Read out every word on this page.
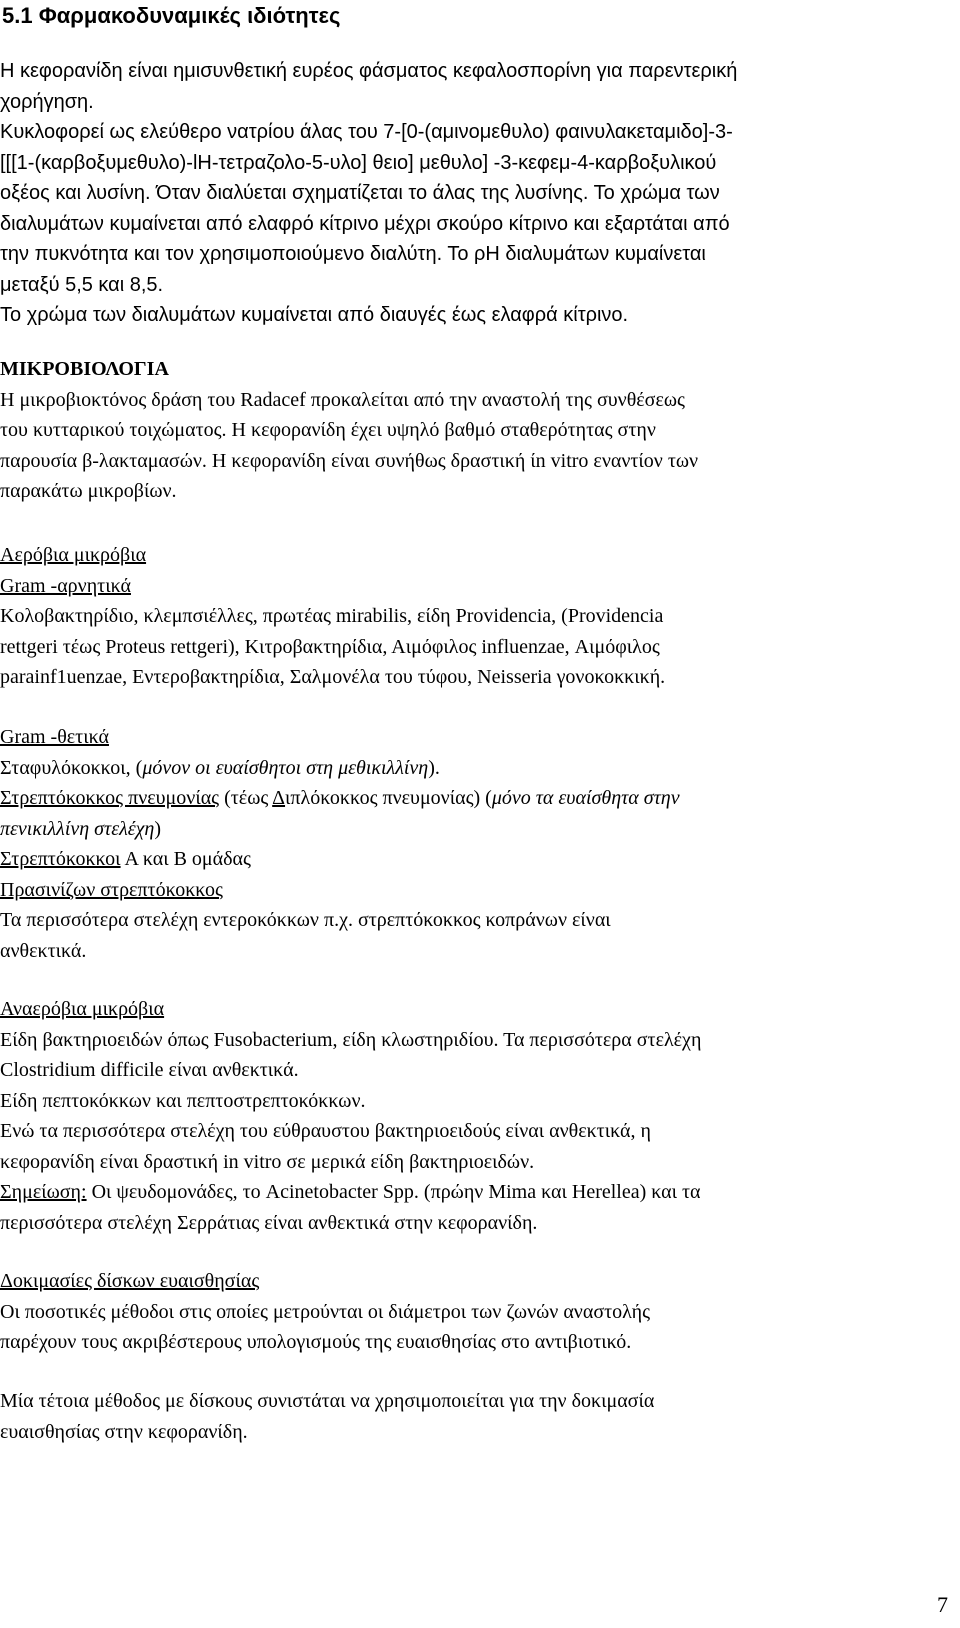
5.1 Φαρμακοδυναμικές ιδιότητες
Η κεφορανίδη είναι ημισυνθετική ευρέος φάσματος κεφαλοσπορίνη για παρεντερική
χορήγηση.
Κυκλοφορεί ως ελεύθερο νατρίου άλας του 7-[0-(αμινομεθυλο) φαινυλακεταμιδο]-3-
[[[1-(καρβοξυμεθυλο)-lH-τετραζολο-5-υλο] θειο] μεθυλο] -3-κεφεμ-4-καρβοξυλικού
οξέος και λυσίνη. Όταν διαλύεται σχηματίζεται το άλας της λυσίνης. Το χρώμα των
διαλυμάτων κυμαίνεται από ελαφρό κίτρινο μέχρι σκούρο κίτρινο και εξαρτάται από
την πυκνότητα και τον χρησιμοποιούμενο διαλύτη. Το ρΗ διαλυμάτων κυμαίνεται
μεταξύ 5,5 και 8,5.
Το χρώμα των διαλυμάτων κυμαίνεται από διαυγές έως ελαφρά κίτρινο.
ΜΙΚΡΟΒΙΟΛΟΓΙΑ
Η μικροβιοκτόνος δράση του Radacef προκαλείται από την αναστολή της συνθέσεως
του κυτταρικού τοιχώματος. Η κεφορανίδη έχει υψηλό βαθμό σταθερότητας στην
παρουσία β-λακταμασών. Η κεφορανίδη είναι συνήθως δραστική ίn vitro εναντίον των
παρακάτω μικροβίων.
Αερόβια μικρόβια
Gram -αρνητικά
Κολοβακτηρίδιο, κλεμπσιέλλες, πρωτέας mirabilis, είδη Providencia, (Providencia
rettgeri τέως Proteus rettgeri), Κιτροβακτηρίδια, Αιμόφιλος influenzae, Αιμόφιλος
parainf1uenzae, Εντεροβακτηρίδια, Σαλμονέλα του τύφου, Neisseria γονοκοκκική.
Gram -θετικά
Σταφυλόκοκκοι, (μόνον οι ευαίσθητοι στη μεθικιλλίνη).
Στρεπτόκοκκος πνευμονίας (τέως Διπλόκοκκος πνευμονίας) (μόνο τα ευαίσθητα στην
πενικιλλίνη στελέχη)
Στρεπτόκοκκοι Α και Β ομάδας
Πρασινίζων στρεπτόκοκκος
Τα περισσότερα στελέχη εντεροκόκκων π.χ. στρεπτόκοκκος κοπράνων είναι
ανθεκτικά.
Αναερόβια μικρόβια
Είδη βακτηριοειδών όπως Fusobacterium, είδη κλωστηριδίου. Τα περισσότερα στελέχη
Clostridium difficile είναι ανθεκτικά.
Είδη πεπτοκόκκων και πεπτοστρεπτοκόκκων.
Ενώ τα περισσότερα στελέχη του εύθραυστου βακτηριοειδούς είναι ανθεκτικά, η
κεφορανίδη είναι δραστική in vitro σε μερικά είδη βακτηριοειδών.
Σημείωση: Οι ψευδομονάδες, το Acinetobacter Spp. (πρώην Mima και Herellea) και τα
περισσότερα στελέχη Σερράτιας είναι ανθεκτικά στην κεφορανίδη.
Δοκιμασίες δίσκων ευαισθησίας
Οι ποσοτικές μέθοδοι στις οποίες μετρούνται οι διάμετροι των ζωνών αναστολής
παρέχουν τους ακριβέστερους υπολογισμούς της ευαισθησίας στο αντιβιοτικό.
Μία τέτοια μέθοδος με δίσκους συνιστάται να χρησιμοποιείται για την δοκιμασία
ευαισθησίας στην κεφορανίδη.
7
